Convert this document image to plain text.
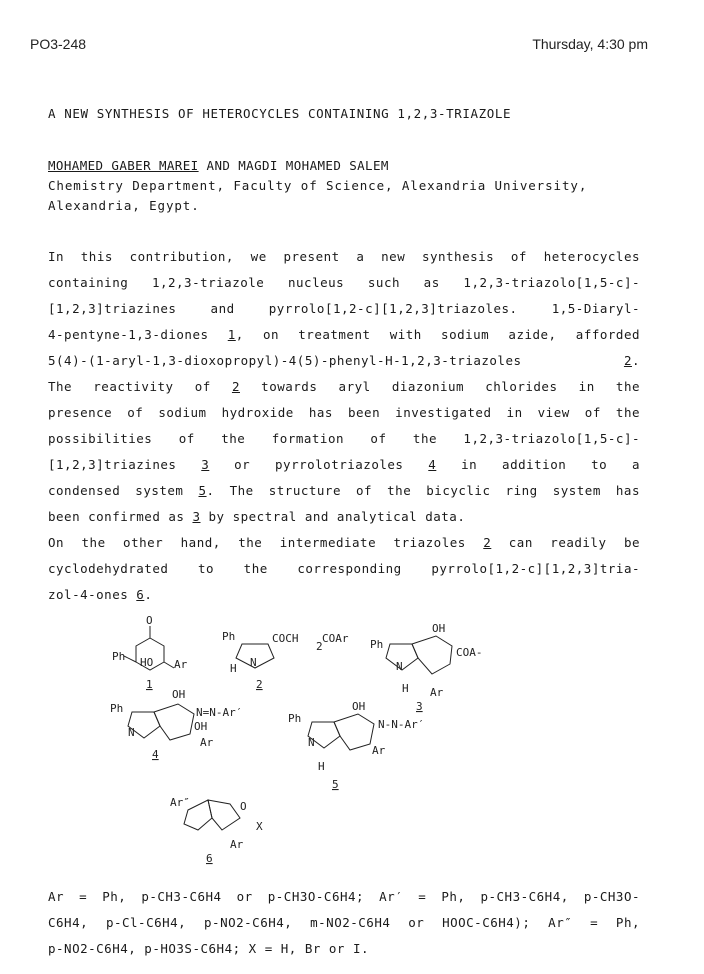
PO3-248	Thursday, 4:30 pm
A NEW SYNTHESIS OF HETEROCYCLES CONTAINING 1,2,3-TRIAZOLE
MOHAMED GABER MAREI AND MAGDI MOHAMED SALEM
Chemistry Department, Faculty of Science, Alexandria University,
Alexandria, Egypt.
In this contribution, we present a new synthesis of heterocycles
containing 1,2,3-triazole nucleus such as 1,2,3-triazolo[1,5-c]-
[1,2,3]triazines and pyrrolo[1,2-c][1,2,3]triazoles. 1,5-Diaryl-
4-pentyne-1,3-diones 1, on treatment with sodium azide, afforded
5(4)-(1-aryl-1,3-dioxopropyl)-4(5)-phenyl-H-1,2,3-triazoles 2.
The reactivity of 2 towards aryl diazonium chlorides in the
presence of sodium hydroxide has been investigated in view of the
possibilities of the formation of the 1,2,3-triazolo[1,5-c]-
[1,2,3]triazines 3 or pyrrolotriazoles 4 in addition to a
condensed system 5. The structure of the bicyclic ring system has
been confirmed as 3 by spectral and analytical data.
On the other hand, the intermediate triazoles 2 can readily be
cyclodehydrated to the corresponding pyrrolo[1,2-c][1,2,3]tria-
zol-4-ones 6.
O
Ph HO Ar
1
Ph	COCH
2
COAr
N
H
2
Ph
OH
COA-
N
H Ar
3
Ph
OH
N=N-Ar′
OH
N
Ar
4
Ph
OH
N-N-Ar′
N
H
Ar
5
Ar″	O
X
Ar
6
Ar = Ph, p-CH3-C6H4 or p-CH3O-C6H4; Ar′ = Ph, p-CH3-C6H4, p-CH3O-
C6H4, p-Cl-C6H4, p-NO2-C6H4, m-NO2-C6H4 or HOOC-C6H4); Ar″ = Ph,
p-NO2-C6H4, p-HO3S-C6H4; X = H, Br or I.
